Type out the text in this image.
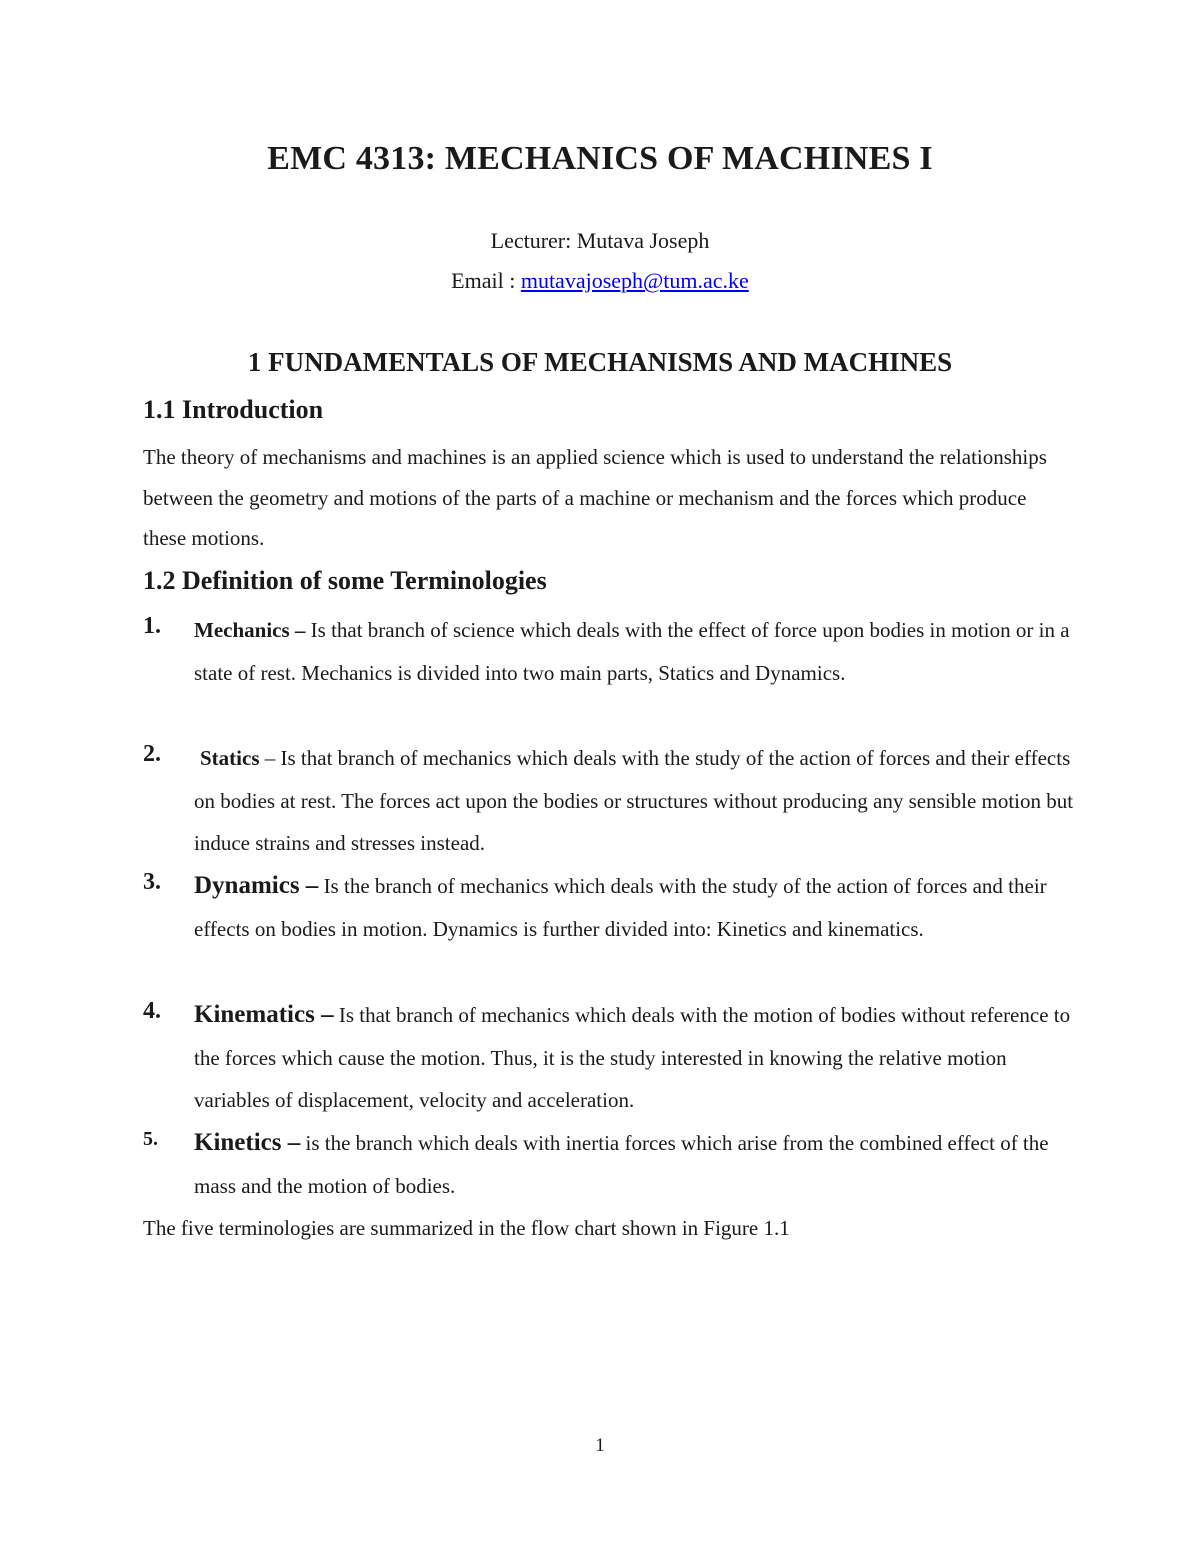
EMC 4313: MECHANICS OF MACHINES I
Lecturer: Mutava Joseph
Email : mutavajoseph@tum.ac.ke
1 FUNDAMENTALS OF MECHANISMS AND MACHINES
1.1 Introduction
The theory of mechanisms and machines is an applied science which is used to understand the relationships between the geometry and motions of the parts of a machine or mechanism and the forces which produce these motions.
1.2 Definition of some Terminologies
1. Mechanics – Is that branch of science which deals with the effect of force upon bodies in motion or in a state of rest. Mechanics is divided into two main parts, Statics and Dynamics.
2. Statics – Is that branch of mechanics which deals with the study of the action of forces and their effects on bodies at rest. The forces act upon the bodies or structures without producing any sensible motion but induce strains and stresses instead.
3. Dynamics – Is the branch of mechanics which deals with the study of the action of forces and their effects on bodies in motion. Dynamics is further divided into: Kinetics and kinematics.
4. Kinematics – Is that branch of mechanics which deals with the motion of bodies without reference to the forces which cause the motion. Thus, it is the study interested in knowing the relative motion variables of displacement, velocity and acceleration.
5. Kinetics – is the branch which deals with inertia forces which arise from the combined effect of the mass and the motion of bodies.
The five terminologies are summarized in the flow chart shown in Figure 1.1
1
